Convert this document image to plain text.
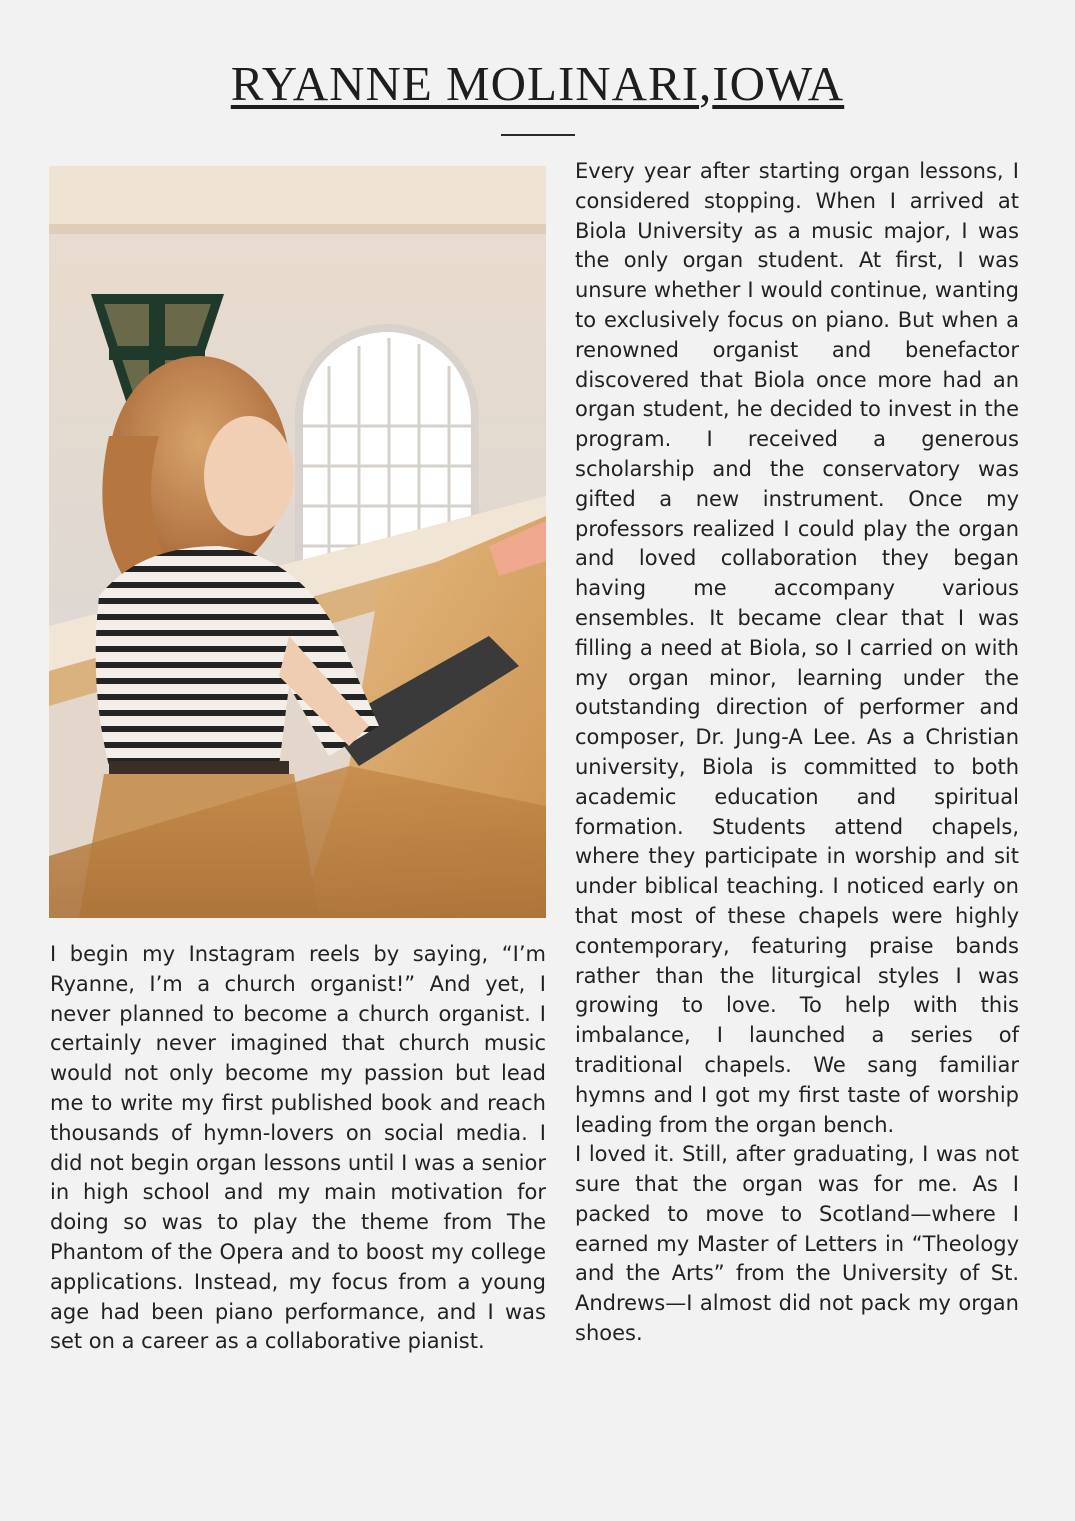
RYANNE MOLINARI,IOWA

I begin my Instagram reels by saying, “I’m Ryanne, I’m a church organist!” And yet, I never planned to become a church organist. I certainly never imagined that church music would not only become my passion but lead me to write my first published book and reach thousands of hymn-lovers on social media. I did not begin organ lessons until I was a senior in high school and my main motivation for doing so was to play the theme from The Phantom of the Opera and to boost my college applications. Instead, my focus from a young age had been piano performance, and I was set on a career as a collaborative pianist.

Every year after starting organ lessons, I considered stopping. When I arrived at Biola University as a music major, I was the only organ student. At first, I was unsure whether I would continue, wanting to exclusively focus on piano. But when a renowned organist and benefactor discovered that Biola once more had an organ student, he decided to invest in the program. I received a generous scholarship and the conservatory was gifted a new instrument. Once my professors realized I could play the organ and loved collaboration they began having me accompany various ensembles. It became clear that I was filling a need at Biola, so I carried on with my organ minor, learning under the outstanding direction of performer and composer, Dr. Jung-A Lee. As a Christian university, Biola is committed to both academic education and spiritual formation. Students attend chapels, where they participate in worship and sit under biblical teaching. I noticed early on that most of these chapels were highly contemporary, featuring praise bands rather than the liturgical styles I was growing to love. To help with this imbalance, I launched a series of traditional chapels. We sang familiar hymns and I got my first taste of worship leading from the organ bench.

I loved it. Still, after graduating, I was not sure that the organ was for me. As I packed to move to Scotland—where I earned my Master of Letters in “Theology and the Arts” from the University of St. Andrews—I almost did not pack my organ shoes.
